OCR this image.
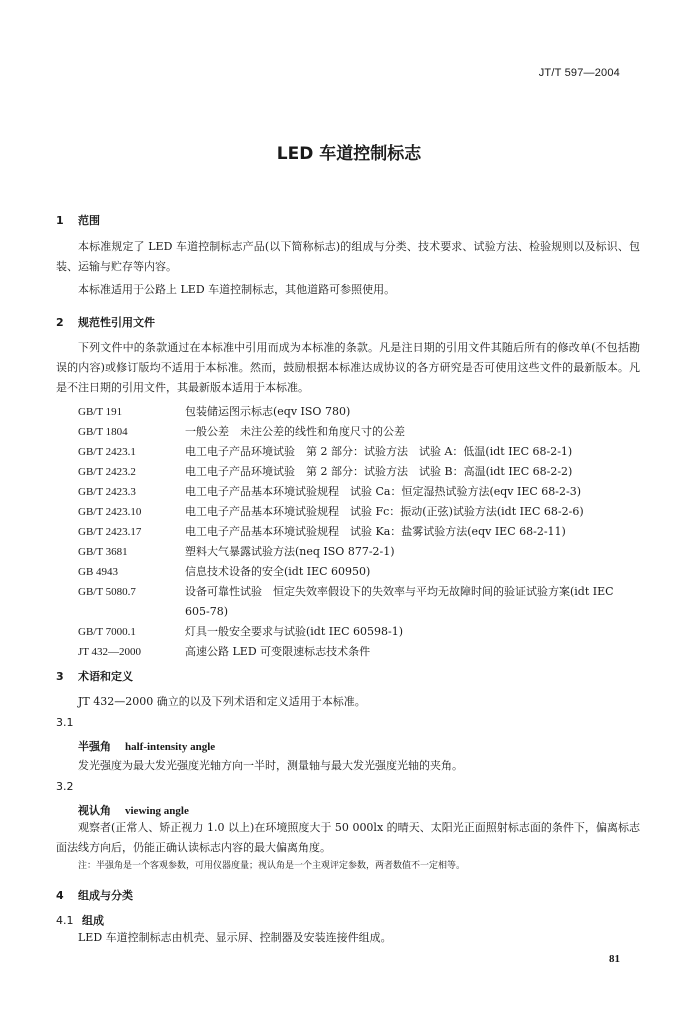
JT/T 597—2004
LED 车道控制标志
1 范围
本标准规定了 LED 车道控制标志产品(以下简称标志)的组成与分类、技术要求、试验方法、检验规则以及标识、包装、运输与贮存等内容。
本标准适用于公路上 LED 车道控制标志，其他道路可参照使用。
2 规范性引用文件
下列文件中的条款通过在本标准中引用而成为本标准的条款。凡是注日期的引用文件其随后所有的修改单(不包括勘误的内容)或修订版均不适用于本标准。然而，鼓励根据本标准达成协议的各方研究是否可使用这些文件的最新版本。凡是不注日期的引用文件，其最新版本适用于本标准。
GB/T 191	包装储运图示标志(eqv ISO 780)
GB/T 1804	一般公差　未注公差的线性和角度尺寸的公差
GB/T 2423.1	电工电子产品环境试验　第 2 部分：试验方法　试验 A：低温(idt IEC 68-2-1)
GB/T 2423.2	电工电子产品环境试验　第 2 部分：试验方法　试验 B：高温(idt IEC 68-2-2)
GB/T 2423.3	电工电子产品基本环境试验规程　试验 Ca：恒定湿热试验方法(eqv IEC 68-2-3)
GB/T 2423.10	电工电子产品基本环境试验规程　试验 Fc：振动(正弦)试验方法(idt IEC 68-2-6)
GB/T 2423.17	电工电子产品基本环境试验规程　试验 Ka：盐雾试验方法(eqv IEC 68-2-11)
GB/T 3681	塑料大气暴露试验方法(neq ISO 877-2-1)
GB 4943	信息技术设备的安全(idt IEC 60950)
GB/T 5080.7	设备可靠性试验　恒定失效率假设下的失效率与平均无故障时间的验证试验方案(idt IEC 605-78)
GB/T 7000.1	灯具一般安全要求与试验(idt IEC 60598-1)
JT 432—2000	高速公路 LED 可变限速标志技术条件
3 术语和定义
JT 432—2000 确立的以及下列术语和定义适用于本标准。
3.1
半强角 half-intensity angle
发光强度为最大发光强度光轴方向一半时，测量轴与最大发光强度光轴的夹角。
3.2
视认角 viewing angle
观察者(正常人、矫正视力 1.0 以上)在环境照度大于 50 000lx 的晴天、太阳光正面照射标志面的条件下，偏离标志面法线方向后，仍能正确认读标志内容的最大偏离角度。
注：半强角是一个客观参数，可用仪器度量；视认角是一个主观评定参数，两者数值不一定相等。
4 组成与分类
4.1 组成
LED 车道控制标志由机壳、显示屏、控制器及安装连接件组成。
81
